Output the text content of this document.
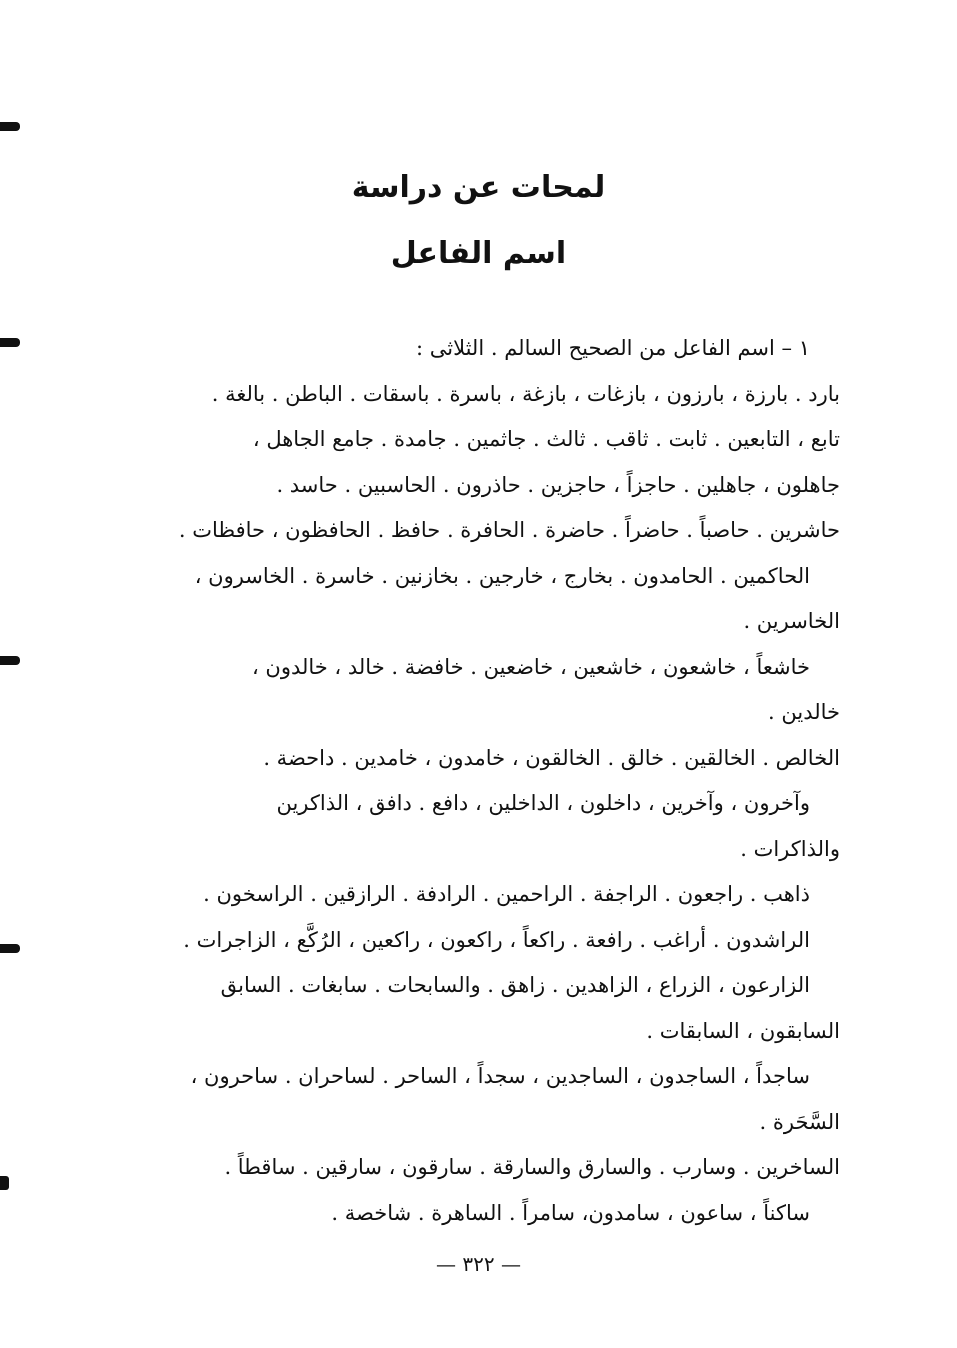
لمحات عن دراسة
اسم الفاعل
١ – اسم الفاعل من الصحيح السالم . الثلاثى :
بارد . بارزة ، بارزون ، بازغات ، بازغة ، باسرة . باسقات . الباطن . بالغة .
تابع ، التابعين . ثابت . ثاقب . ثالث . جاثمين . جامدة . جامع الجاهل ،
جاهلون ، جاهلين . حاجزاً ، حاجزين . حاذرون . الحاسبين . حاسد .
حاشرين . حاصباً . حاضراً . حاضرة . الحافرة . حافظ . الحافظون ، حافظات .
الحاكمين . الحامدون . بخارج ، خارجين . بخازنين . خاسرة . الخاسرون ،
الخاسرين .
خاشعاً ، خاشعون ، خاشعين ، خاضعين . خافضة . خالد ، خالدون ،
خالدين .
الخالص . الخالقين . خالق . الخالقون ، خامدون ، خامدين . داحضة .
وآخرون ، وآخرين ، داخلون ، الداخلين ، دافع . دافق ، الذاكرين
والذاكرات .
ذاهب . راجعون . الراجفة . الراحمين . الرادفة . الرازقين . الراسخون .
الراشدون . أراغب . رافعة . راكعاً ، راكعون ، راكعين ، الرُكَّع ، الزاجرات .
الزارعون ، الزراع ، الزاهدين . زاهق . والسابحات . سابغات . السابق
السابقون ، السابقات .
ساجداً ، الساجدون ، الساجدين ، سجداً ، الساحر . لساحران . ساحرون ،
السَّحَرة .
الساخرين . وسارب . والسارق والسارقة . سارقون ، سارقين . ساقطاً .
ساكناً ، ساعون ، سامدون، سامراً . الساهرة . شاخصة .
— ٣٢٢ —
